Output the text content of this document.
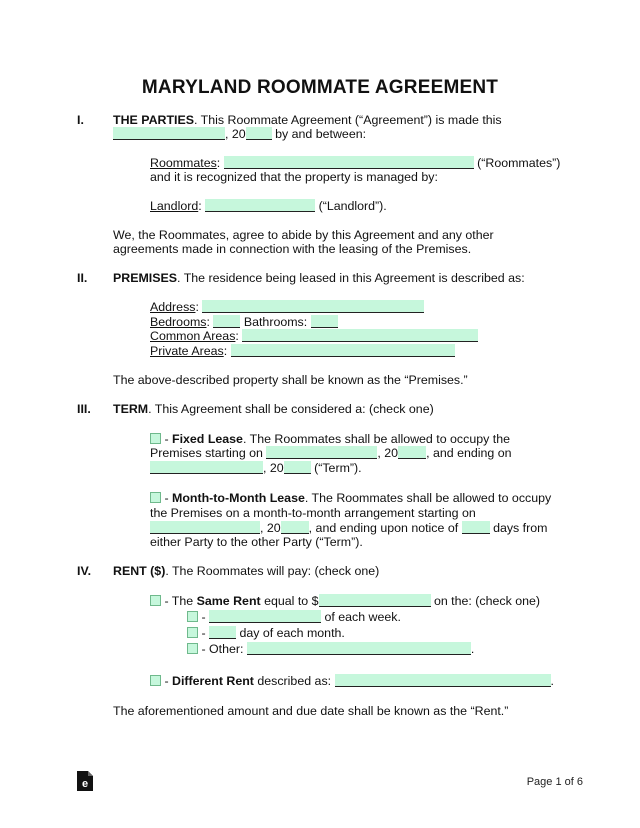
MARYLAND ROOMMATE AGREEMENT
I. THE PARTIES. This Roommate Agreement (“Agreement”) is made this
, 20 by and between:
Roommates:	(“Roommates”)
and it is recognized that the property is managed by:
Landlord:	(“Landlord”).
We, the Roommates, agree to abide by this Agreement and any other
agreements made in connection with the leasing of the Premises.
II. PREMISES. The residence being leased in this Agreement is described as:
Address:
Bedrooms:  Bathrooms:
Common Areas:
Private Areas:
The above-described property shall be known as the “Premises.”
III. TERM. This Agreement shall be considered a: (check one)
- Fixed Lease. The Roommates shall be allowed to occupy the
Premises starting on	, 20 , and ending on
, 20 (“Term”).
- Month-to-Month Lease. The Roommates shall be allowed to occupy
the Premises on a month-to-month arrangement starting on
, 20 , and ending upon notice of	days from
either Party to the other Party (“Term”).
IV. RENT ($). The Roommates will pay: (check one)
- The Same Rent equal to $	on the: (check one)
-	of each week.
-  day of each month.
- Other:	.
- Different Rent described as:	.
The aforementioned amount and due date shall be known as the “Rent.”
e	Page 1 of 6
